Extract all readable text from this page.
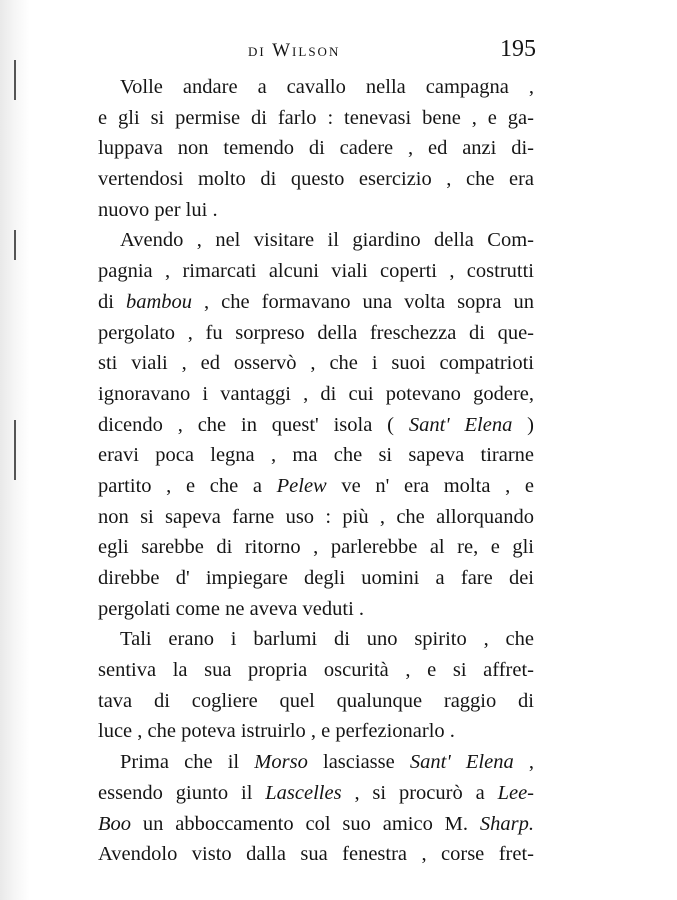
di Wilson	195
Volle andare a cavallo nella campagna ,
e gli si permise di farlo : tenevasi bene , e ga-
luppava non temendo di cadere , ed anzi di-
vertendosi molto di questo esercizio , che era
nuovo per lui .
Avendo , nel visitare il giardino della Com-
pagnia , rimarcati alcuni viali coperti , costrutti
di bambou , che formavano una volta sopra un
pergolato , fu sorpreso della freschezza di que-
sti viali , ed osservò , che i suoi compatrioti
ignoravano i vantaggi , di cui potevano godere,
dicendo , che in quest' isola ( Sant' Elena )
eravi poca legna , ma che si sapeva tirarne
partito , e che a Pelew ve n' era molta , e
non si sapeva farne uso : più , che allorquando
egli sarebbe di ritorno , parlerebbe al re, e gli
direbbe d' impiegare degli uomini a fare dei
pergolati come ne aveva veduti .
Tali erano i barlumi di uno spirito , che
sentiva la sua propria oscurità , e si affret-
tava di cogliere quel qualunque raggio di
luce , che poteva istruirlo , e perfezionarlo .
Prima che il Morso lasciasse Sant' Elena ,
essendo giunto il Lascelles , si procurò a Lee-
Boo un abboccamento col suo amico M. Sharp.
Avendolo visto dalla sua fenestra , corse fret-
